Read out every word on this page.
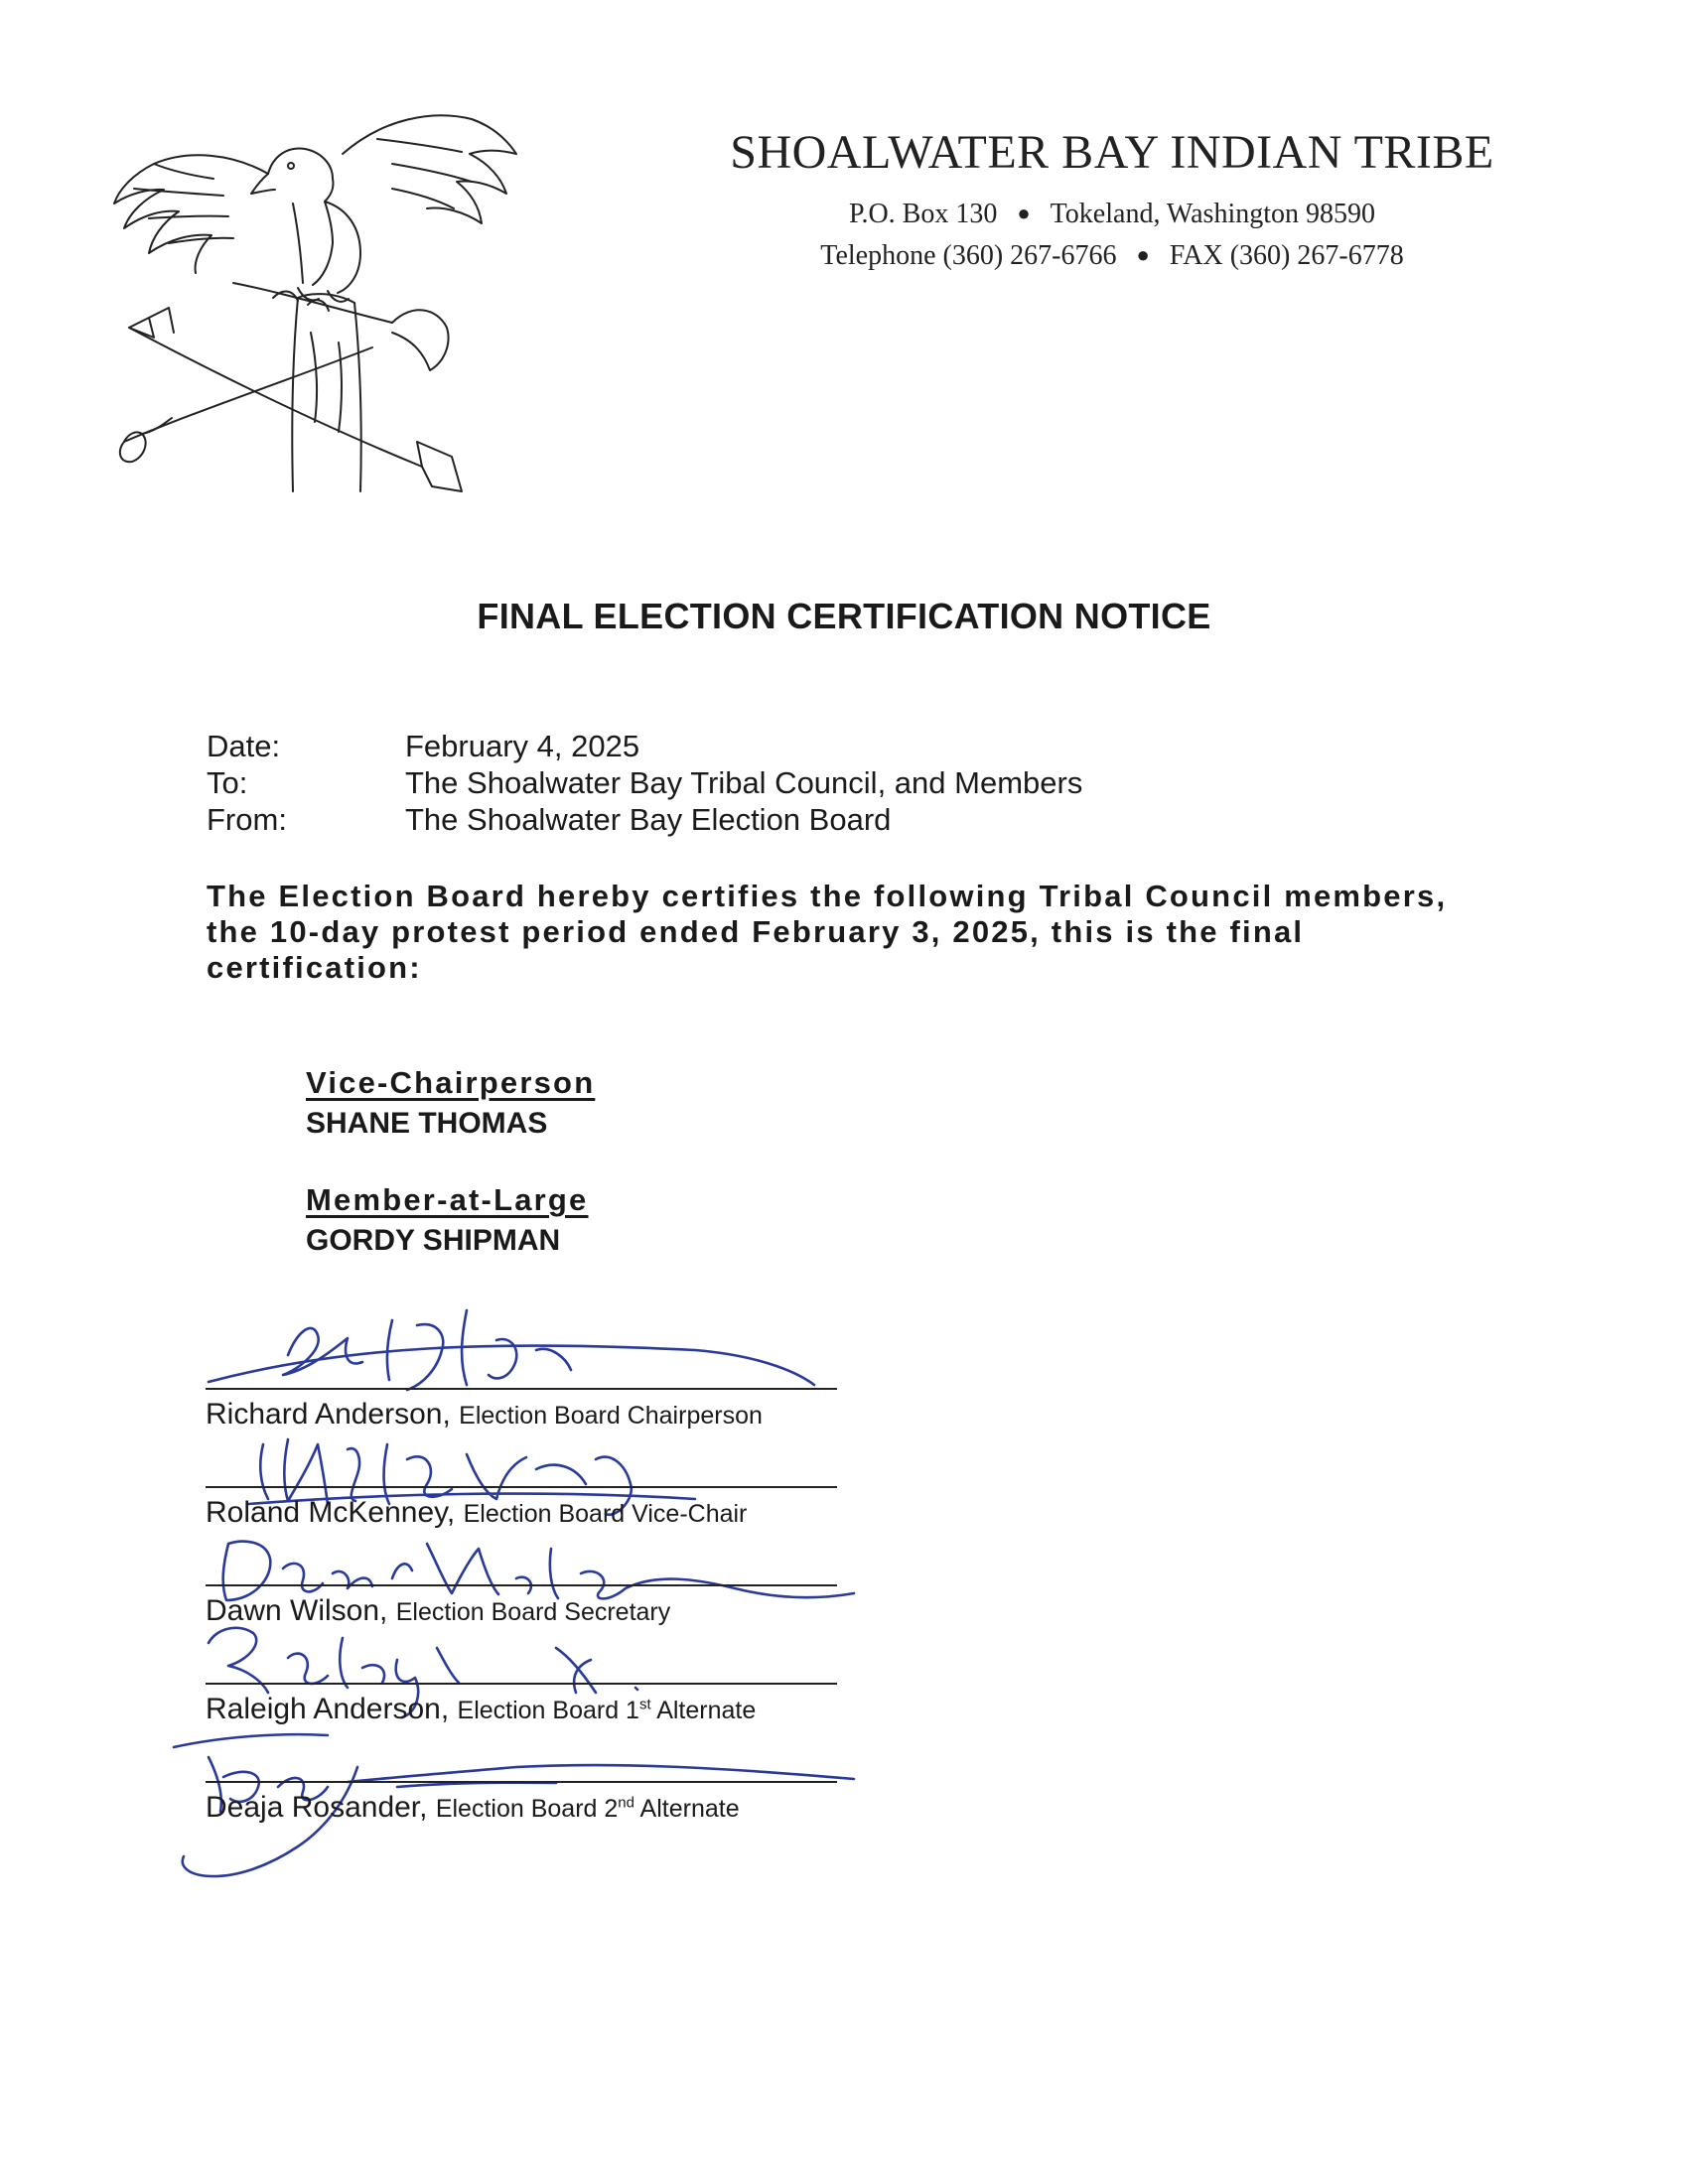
SHOALWATER BAY INDIAN TRIBE
P.O. Box 130 ● Tokeland, Washington 98590
Telephone (360) 267-6766 ● FAX (360) 267-6778
FINAL ELECTION CERTIFICATION NOTICE
Date:	February 4, 2025
To:	The Shoalwater Bay Tribal Council, and Members
From:	The Shoalwater Bay Election Board
The Election Board hereby certifies the following Tribal Council members, the 10-day protest period ended February 3, 2025, this is the final certification:
Vice-Chairperson
SHANE THOMAS
Member-at-Large
GORDY SHIPMAN
Richard Anderson, Election Board Chairperson
Roland McKenney, Election Board Vice-Chair
Dawn Wilson, Election Board Secretary
Raleigh Anderson, Election Board 1st Alternate
Deaja Rosander, Election Board 2nd Alternate
